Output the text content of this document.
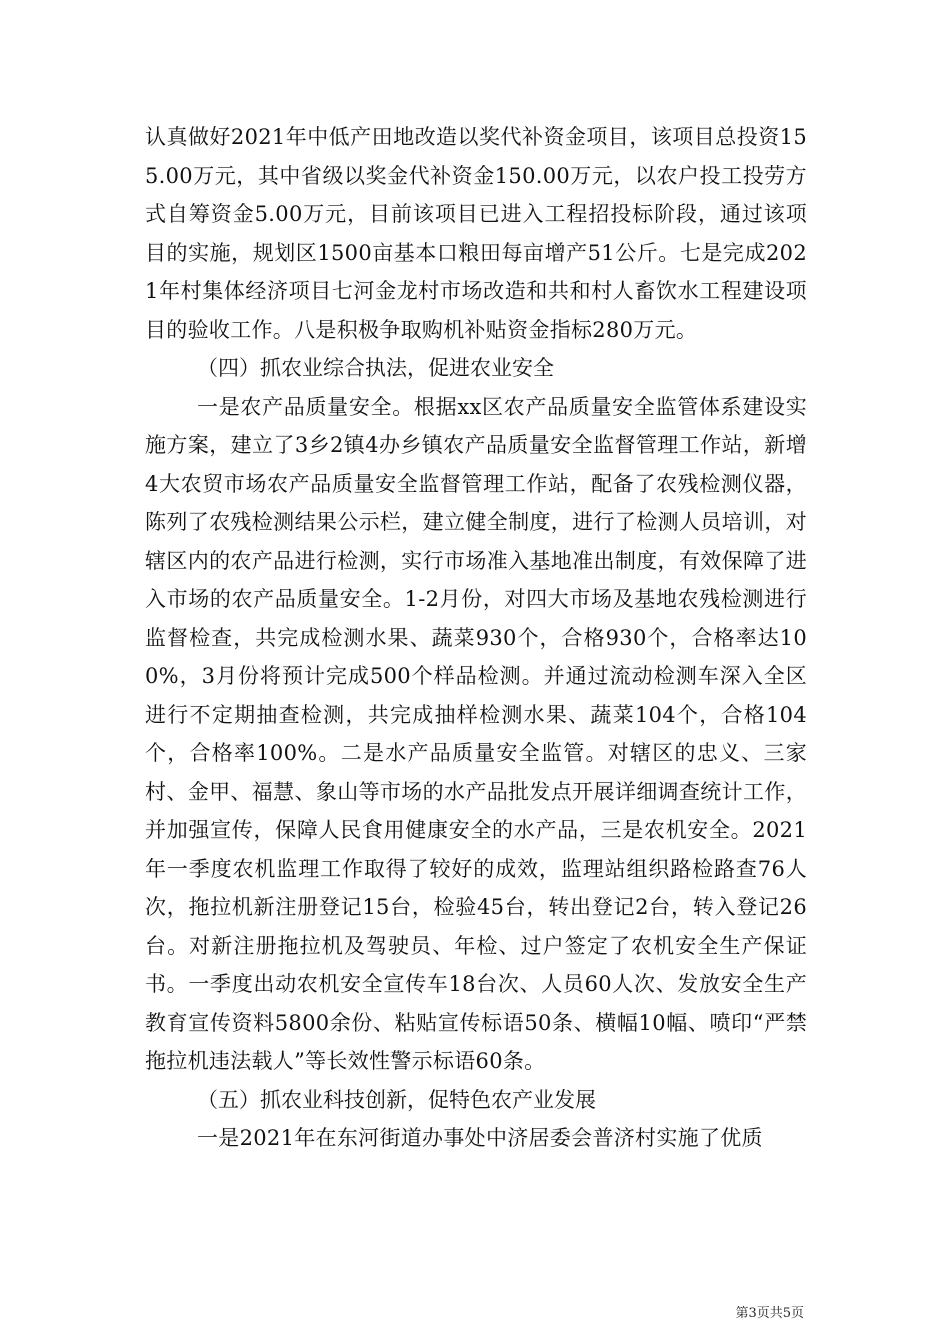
认真做好2021年中低产田地改造以奖代补资金项目，该项目总投资155.00万元，其中省级以奖金代补资金150.00万元，以农户投工投劳方式自筹资金5.00万元，目前该项目已进入工程招投标阶段，通过该项目的实施，规划区1500亩基本口粮田每亩增产51公斤。七是完成2021年村集体经济项目七河金龙村市场改造和共和村人畜饮水工程建设项目的验收工作。八是积极争取购机补贴资金指标280万元。

（四）抓农业综合执法，促进农业安全

一是农产品质量安全。根据xx区农产品质量安全监管体系建设实施方案，建立了3乡2镇4办乡镇农产品质量安全监督管理工作站，新增4大农贸市场农产品质量安全监督管理工作站，配备了农残检测仪器，陈列了农残检测结果公示栏，建立健全制度，进行了检测人员培训，对辖区内的农产品进行检测，实行市场准入基地准出制度，有效保障了进入市场的农产品质量安全。1-2月份，对四大市场及基地农残检测进行监督检查，共完成检测水果、蔬菜930个，合格930个，合格率达100%，3月份将预计完成500个样品检测。并通过流动检测车深入全区进行不定期抽查检测，共完成抽样检测水果、蔬菜104个，合格104个，合格率100%。二是水产品质量安全监管。对辖区的忠义、三家村、金甲、福慧、象山等市场的水产品批发点开展详细调查统计工作，并加强宣传，保障人民食用健康安全的水产品，三是农机安全。2021年一季度农机监理工作取得了较好的成效，监理站组织路检路查76人次，拖拉机新注册登记15台，检验45台，转出登记2台，转入登记26台。对新注册拖拉机及驾驶员、年检、过户签定了农机安全生产保证书。一季度出动农机安全宣传车18台次、人员60人次、发放安全生产教育宣传资料5800余份、粘贴宣传标语50条、横幅10幅、喷印“严禁拖拉机违法载人”等长效性警示标语60条。

（五）抓农业科技创新，促特色农产业发展

一是2021年在东河街道办事处中济居委会普济村实施了优质

第3页共5页
